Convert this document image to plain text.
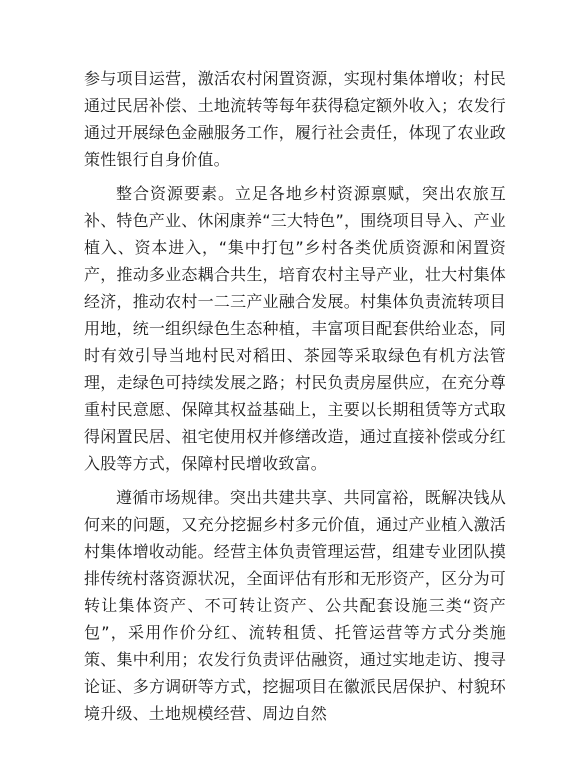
参与项目运营，激活农村闲置资源，实现村集体增收；村民通过民居补偿、土地流转等每年获得稳定额外收入；农发行通过开展绿色金融服务工作，履行社会责任，体现了农业政策性银行自身价值。

整合资源要素。立足各地乡村资源禀赋，突出农旅互补、特色产业、休闲康养“三大特色”，围绕项目导入、产业植入、资本进入，“集中打包”乡村各类优质资源和闲置资产，推动多业态耦合共生，培育农村主导产业，壮大村集体经济，推动农村一二三产业融合发展。村集体负责流转项目用地，统一组织绿色生态种植，丰富项目配套供给业态，同时有效引导当地村民对稻田、茶园等采取绿色有机方法管理，走绿色可持续发展之路；村民负责房屋供应，在充分尊重村民意愿、保障其权益基础上，主要以长期租赁等方式取得闲置民居、祖宅使用权并修缮改造，通过直接补偿或分红入股等方式，保障村民增收致富。

遵循市场规律。突出共建共享、共同富裕，既解决钱从何来的问题，又充分挖掘乡村多元价值，通过产业植入激活村集体增收动能。经营主体负责管理运营，组建专业团队摸排传统村落资源状况，全面评估有形和无形资产，区分为可转让集体资产、不可转让资产、公共配套设施三类“资产包”，采用作价分红、流转租赁、托管运营等方式分类施策、集中利用；农发行负责评估融资，通过实地走访、搜寻论证、多方调研等方式，挖掘项目在徽派民居保护、村貌环境升级、土地规模经营、周边自然
